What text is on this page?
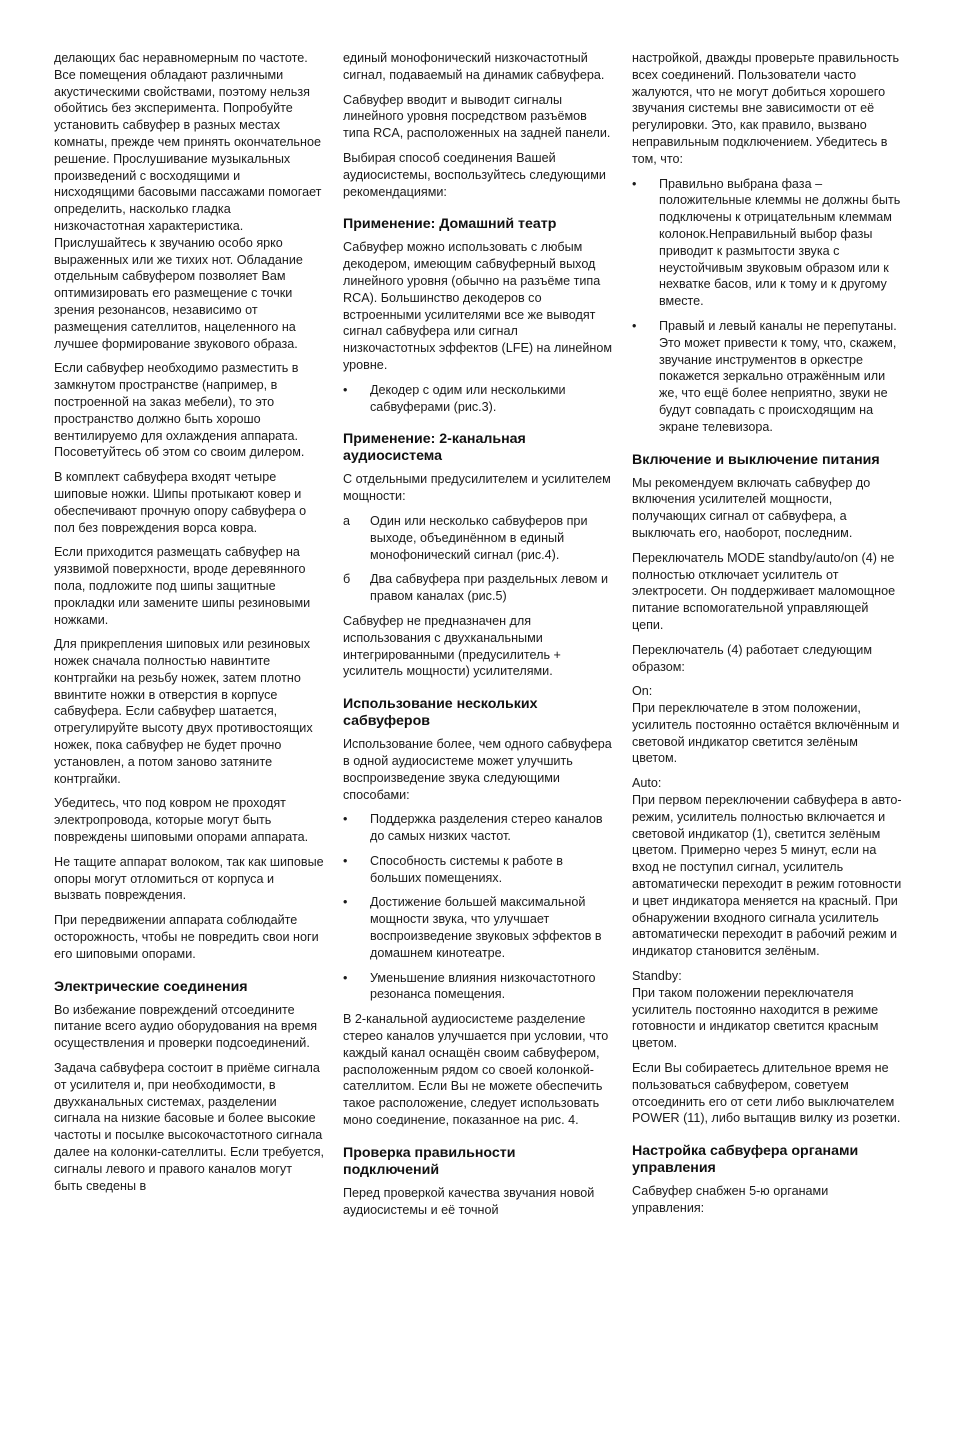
делающих бас неравномерным по частоте. Все помещения обладают различными акустическими свойствами, поэтому нельзя обойтись без эксперимента. Попробуйте установить сабвуфер в разных местах комнаты, прежде чем принять окончательное решение. Прослушивание музыкальных произведений с восходящими и нисходящими басовыми пассажами помогает определить, насколько гладка низкочастотная характеристика. Прислушайтесь к звучанию особо ярко выраженных или же тихих нот. Обладание отдельным сабвуфером позволяет Вам оптимизировать его размещение с точки зрения резонансов, независимо от размещения сателлитов, нацеленного на лучшее формирование звукового образа.

Если сабвуфер необходимо разместить в замкнутом пространстве (например, в построенной на заказ мебели), то это пространство должно быть хорошо вентилируемо для охлаждения аппарата. Посоветуйтесь об этом со своим дилером.

В комплект сабвуфера входят четыре шиповые ножки. Шипы протыкают ковер и обеспечивают прочную опору сабвуфера о пол без повреждения ворса ковра.

Если приходится размещать сабвуфер на уязвимой поверхности, вроде деревянного пола, подложите под шипы защитные прокладки или замените шипы резиновыми ножками.

Для прикрепления шиповых или резиновых ножек сначала полностью навинтите контргайки на резьбу ножек, затем плотно ввинтите ножки в отверстия в корпусе сабвуфера. Если сабвуфер шатается, отрегулируйте высоту двух противостоящих ножек, пока сабвуфер не будет прочно установлен, а потом заново затяните контргайки.

Убедитесь, что под ковром не проходят электропровода, которые могут быть повреждены шиповыми опорами аппарата.

Не тащите аппарат волоком, так как шиповые опоры могут отломиться от корпуса и вызвать повреждения.

При передвижении аппарата соблюдайте осторожность, чтобы не повредить свои ноги его шиповыми опорами.

Электрические соединения

Во избежание повреждений отсоедините питание всего аудио оборудования на время осуществления и проверки подсоединений.

Задача сабвуфера состоит в приёме сигнала от усилителя и, при необходимости, в двухканальных системах, разделении сигнала на низкие басовые и более высокие частоты и посылке высокочастотного сигнала далее на колонки-сателлиты. Если требуется, сигналы левого и правого каналов могут быть сведены в

единый монофонический низкочастотный сигнал, подаваемый на динамик сабвуфера.

Сабвуфер вводит и выводит сигналы линейного уровня посредством разъёмов типа RCA, расположенных на задней панели.

Выбирая способ соединения Вашей аудиосистемы, воспользуйтесь следующими рекомендациями:

Применение: Домашний театр

Сабвуфер можно использовать с любым декодером, имеющим сабвуферный выход линейного уровня (обычно на разъёме типа RCA). Большинство декодеров со встроенными усилителями все же выводят сигнал сабвуфера или сигнал низкочастотных эффектов (LFE) на линейном уровне.

•
Декодер с одим или несколькими сабвуферами (рис.3).
Применение: 2-канальная аудиосистема

С отдельными предусилителем и усилителем мощности:

а Один или несколько сабвуферов при выходе, объединённом в единый монофонический сигнал (рис.4).
б Два сабвуфера при раздельных левом и правом каналах (рис.5)

Сабвуфер не предназначен для использования с двухканальными интегрированными (предусилитель + усилитель мощности) усилителями.

Использование нескольких сабвуферов

Использование более, чем одного сабвуфера в одной аудиосистеме может улучшить воспроизведение звука следующими способами:

•
Поддержка разделения стерео каналов до самых низких частот.
•
Способность системы к работе в больших помещениях.
•
Достижение большей максимальной мощности звука, что улучшает воспроизведение звуковых эффектов в домашнем кинотеатре.
•
Уменьшение влияния низкочастотного резонанса помещения.

В 2-канальной аудиосистеме разделение стерео каналов улучшается при условии, что каждый канал оснащён своим сабвуфером, расположенным рядом со своей колонкой-сателлитом. Если Вы не можете обеспечить такое расположение, следует использовать моно соединение, показанное на рис. 4.

Проверка правильности подключений

Перед проверкой качества звучания новой аудиосистемы и её точной

настройкой, дважды проверьте правильность всех соединений. Пользователи часто жалуются, что не могут добиться хорошего звучания системы вне зависимости от её регулировки. Это, как правило, вызвано неправильным подключением. Убедитесь в том, что:

•
Правильно выбрана фаза – положительные клеммы не должны быть подключены к отрицательным клеммам колонок.Неправильный выбор фазы приводит к размытости звука с неустойчивым звуковым образом или к нехватке басов, или к тому и к другому вместе.
•
Правый и левый каналы не перепутаны. Это может привести к тому, что, скажем, звучание инструментов в оркестре покажется зеркально отражённым или же, что ещё более неприятно, звуки не будут совпадать с происходящим на экране телевизора.
Включение и выключение питания

Мы рекомендуем включать сабвуфер до включения усилителей мощности, получающих сигнал от сабвуфера, а выключать его, наоборот, последним.

Переключатель MODE standby/auto/on (4) не полностью отключает усилитель от электросети. Он поддерживает маломощное питание вспомогательной управляющей цепи.

Переключатель (4) работает следующим образом:

On:
При переключателе в этом положении, усилитель постоянно остаётся включённым и световой индикатор светится зелёным цветом.

Auto:
При первом переключении сабвуфера в авто-режим, усилитель полностью включается и световой индикатор (1), светится зелёным цветом. Примерно через 5 минут, если на вход не поступил сигнал, усилитель автоматически переходит в режим готовности и цвет индикатора меняется на красный. При обнаружении входного сигнала усилитель автоматически переходит в рабочий режим и индикатор становится зелёным.

Standby:
При таком положении переключателя усилитель постоянно находится в режиме готовности и индикатор светится красным цветом.

Если Вы собираетесь длительное время не пользоваться сабвуфером, советуем отсоединить его от сети либо выключателем POWER (11), либо вытащив вилку из розетки.

Настройка сабвуфера органами управления

Сабвуфер снабжен 5-ю органами управления:
